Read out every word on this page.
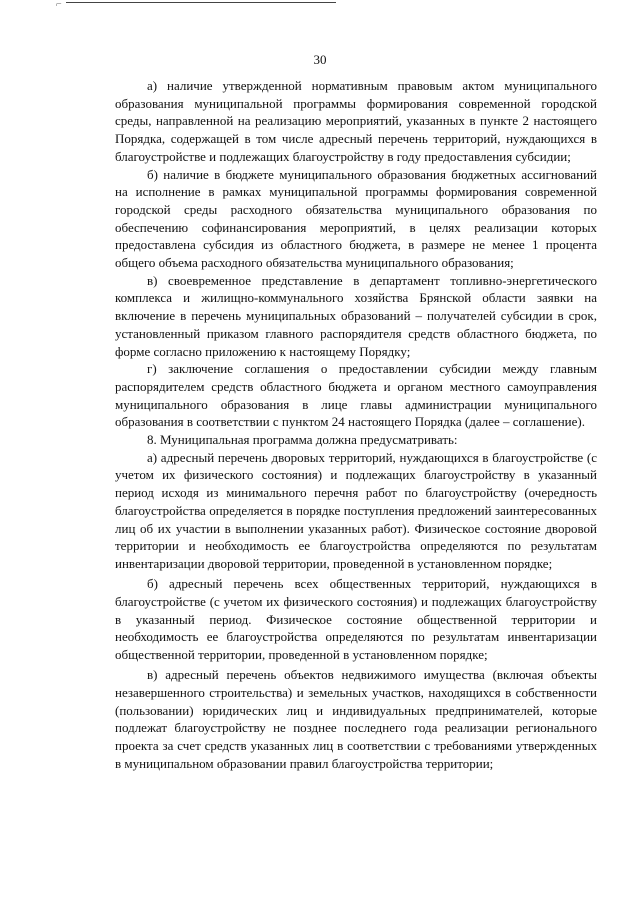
⌐
30

а) наличие утвержденной нормативным правовым актом муниципального образования муниципальной программы формирования современной городской среды, направленной на реализацию мероприятий, указанных в пункте 2 настоящего Порядка, содержащей в том числе адресный перечень территорий, нуждающихся в благоустройстве и подлежащих благоустройству в году предоставления субсидии;

б) наличие в бюджете муниципального образования бюджетных ассигнований на исполнение в рамках муниципальной программы формирования современной городской среды расходного обязательства муниципального образования по обеспечению софинансирования мероприятий, в целях реализации которых предоставлена субсидия из областного бюджета, в размере не менее 1 процента общего объема расходного обязательства муниципального образования;

в) своевременное представление в департамент топливно-энергетического комплекса и жилищно-коммунального хозяйства Брянской области заявки на включение в перечень муниципальных образований – получателей субсидии в срок, установленный приказом главного распорядителя средств областного бюджета, по форме согласно приложению к настоящему Порядку;

г) заключение соглашения о предоставлении субсидии между главным распорядителем средств областного бюджета и органом местного самоуправления муниципального образования в лице главы администрации муниципального образования в соответствии с пунктом 24 настоящего Порядка (далее – соглашение).

8. Муниципальная программа должна предусматривать:

а) адресный перечень дворовых территорий, нуждающихся в благоустройстве (с учетом их физического состояния) и подлежащих благоустройству в указанный период исходя из минимального перечня работ по благоустройству (очередность благоустройства определяется в порядке поступления предложений заинтересованных лиц об их участии в выполнении указанных работ). Физическое состояние дворовой территории и необходимость ее благоустройства определяются по результатам инвентаризации дворовой территории, проведенной в установленном порядке;

б) адресный перечень всех общественных территорий, нуждающихся в благоустройстве (с учетом их физического состояния) и подлежащих благоустройству в указанный период. Физическое состояние общественной территории и необходимость ее благоустройства определяются по результатам инвентаризации общественной территории, проведенной в установленном порядке;

в) адресный перечень объектов недвижимого имущества (включая объекты незавершенного строительства) и земельных участков, находящихся в собственности (пользовании) юридических лиц и индивидуальных предпринимателей, которые подлежат благоустройству не позднее последнего года реализации регионального проекта за счет средств указанных лиц в соответствии с требованиями утвержденных в муниципальном образовании правил благоустройства территории;
